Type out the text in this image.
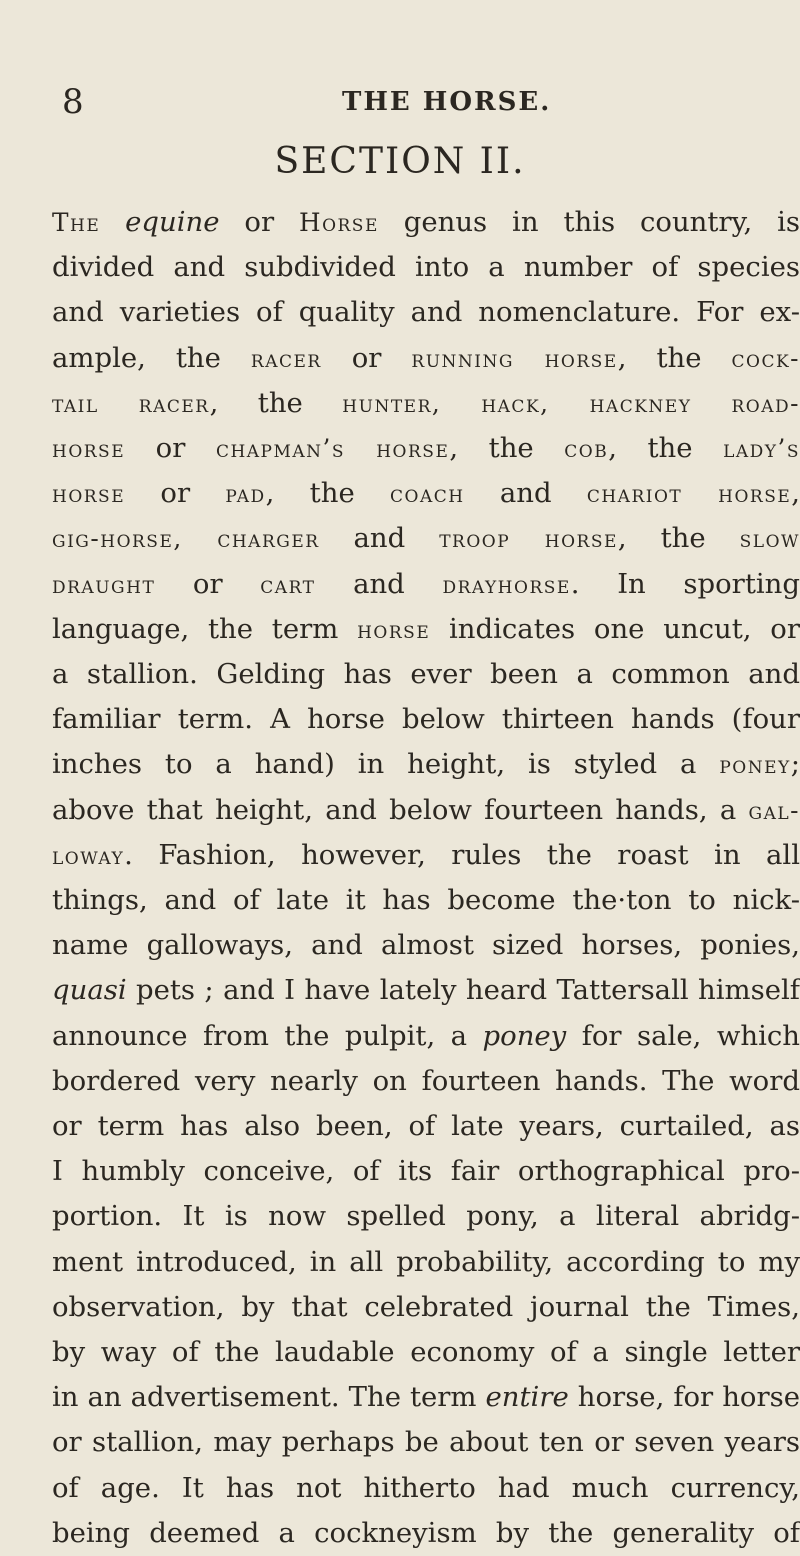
8	THE HORSE.
SECTION II.
The equine or Horse genus in this country, is
divided and subdivided into a number of species
and varieties of quality and nomenclature. For ex-
ample, the racer or running horse, the cock-
tail racer, the hunter, hack, hackney road-
horse or chapman’s horse, the cob, the lady’s
horse or pad, the coach and chariot horse,
gig-horse, charger and troop horse, the slow
draught or cart and drayhorse. In sporting
language, the term horse indicates one uncut, or
a stallion. Gelding has ever been a common and
familiar term. A horse below thirteen hands (four
inches to a hand) in height, is styled a poney;
above that height, and below fourteen hands, a gal-
loway. Fashion, however, rules the roast in all
things, and of late it has become the·ton to nick-
name galloways, and almost sized horses, ponies,
quasi pets ; and I have lately heard Tattersall himself
announce from the pulpit, a poney for sale, which
bordered very nearly on fourteen hands. The word
or term has also been, of late years, curtailed, as
I humbly conceive, of its fair orthographical pro-
portion. It is now spelled pony, a literal abridg-
ment introduced, in all probability, according to my
observation, by that celebrated journal the Times,
by way of the laudable economy of a single letter
in an advertisement. The term entire horse, for horse
or stallion, may perhaps be about ten or seven years
of age. It has not hitherto had much currency,
being deemed a cockneyism by the generality of
